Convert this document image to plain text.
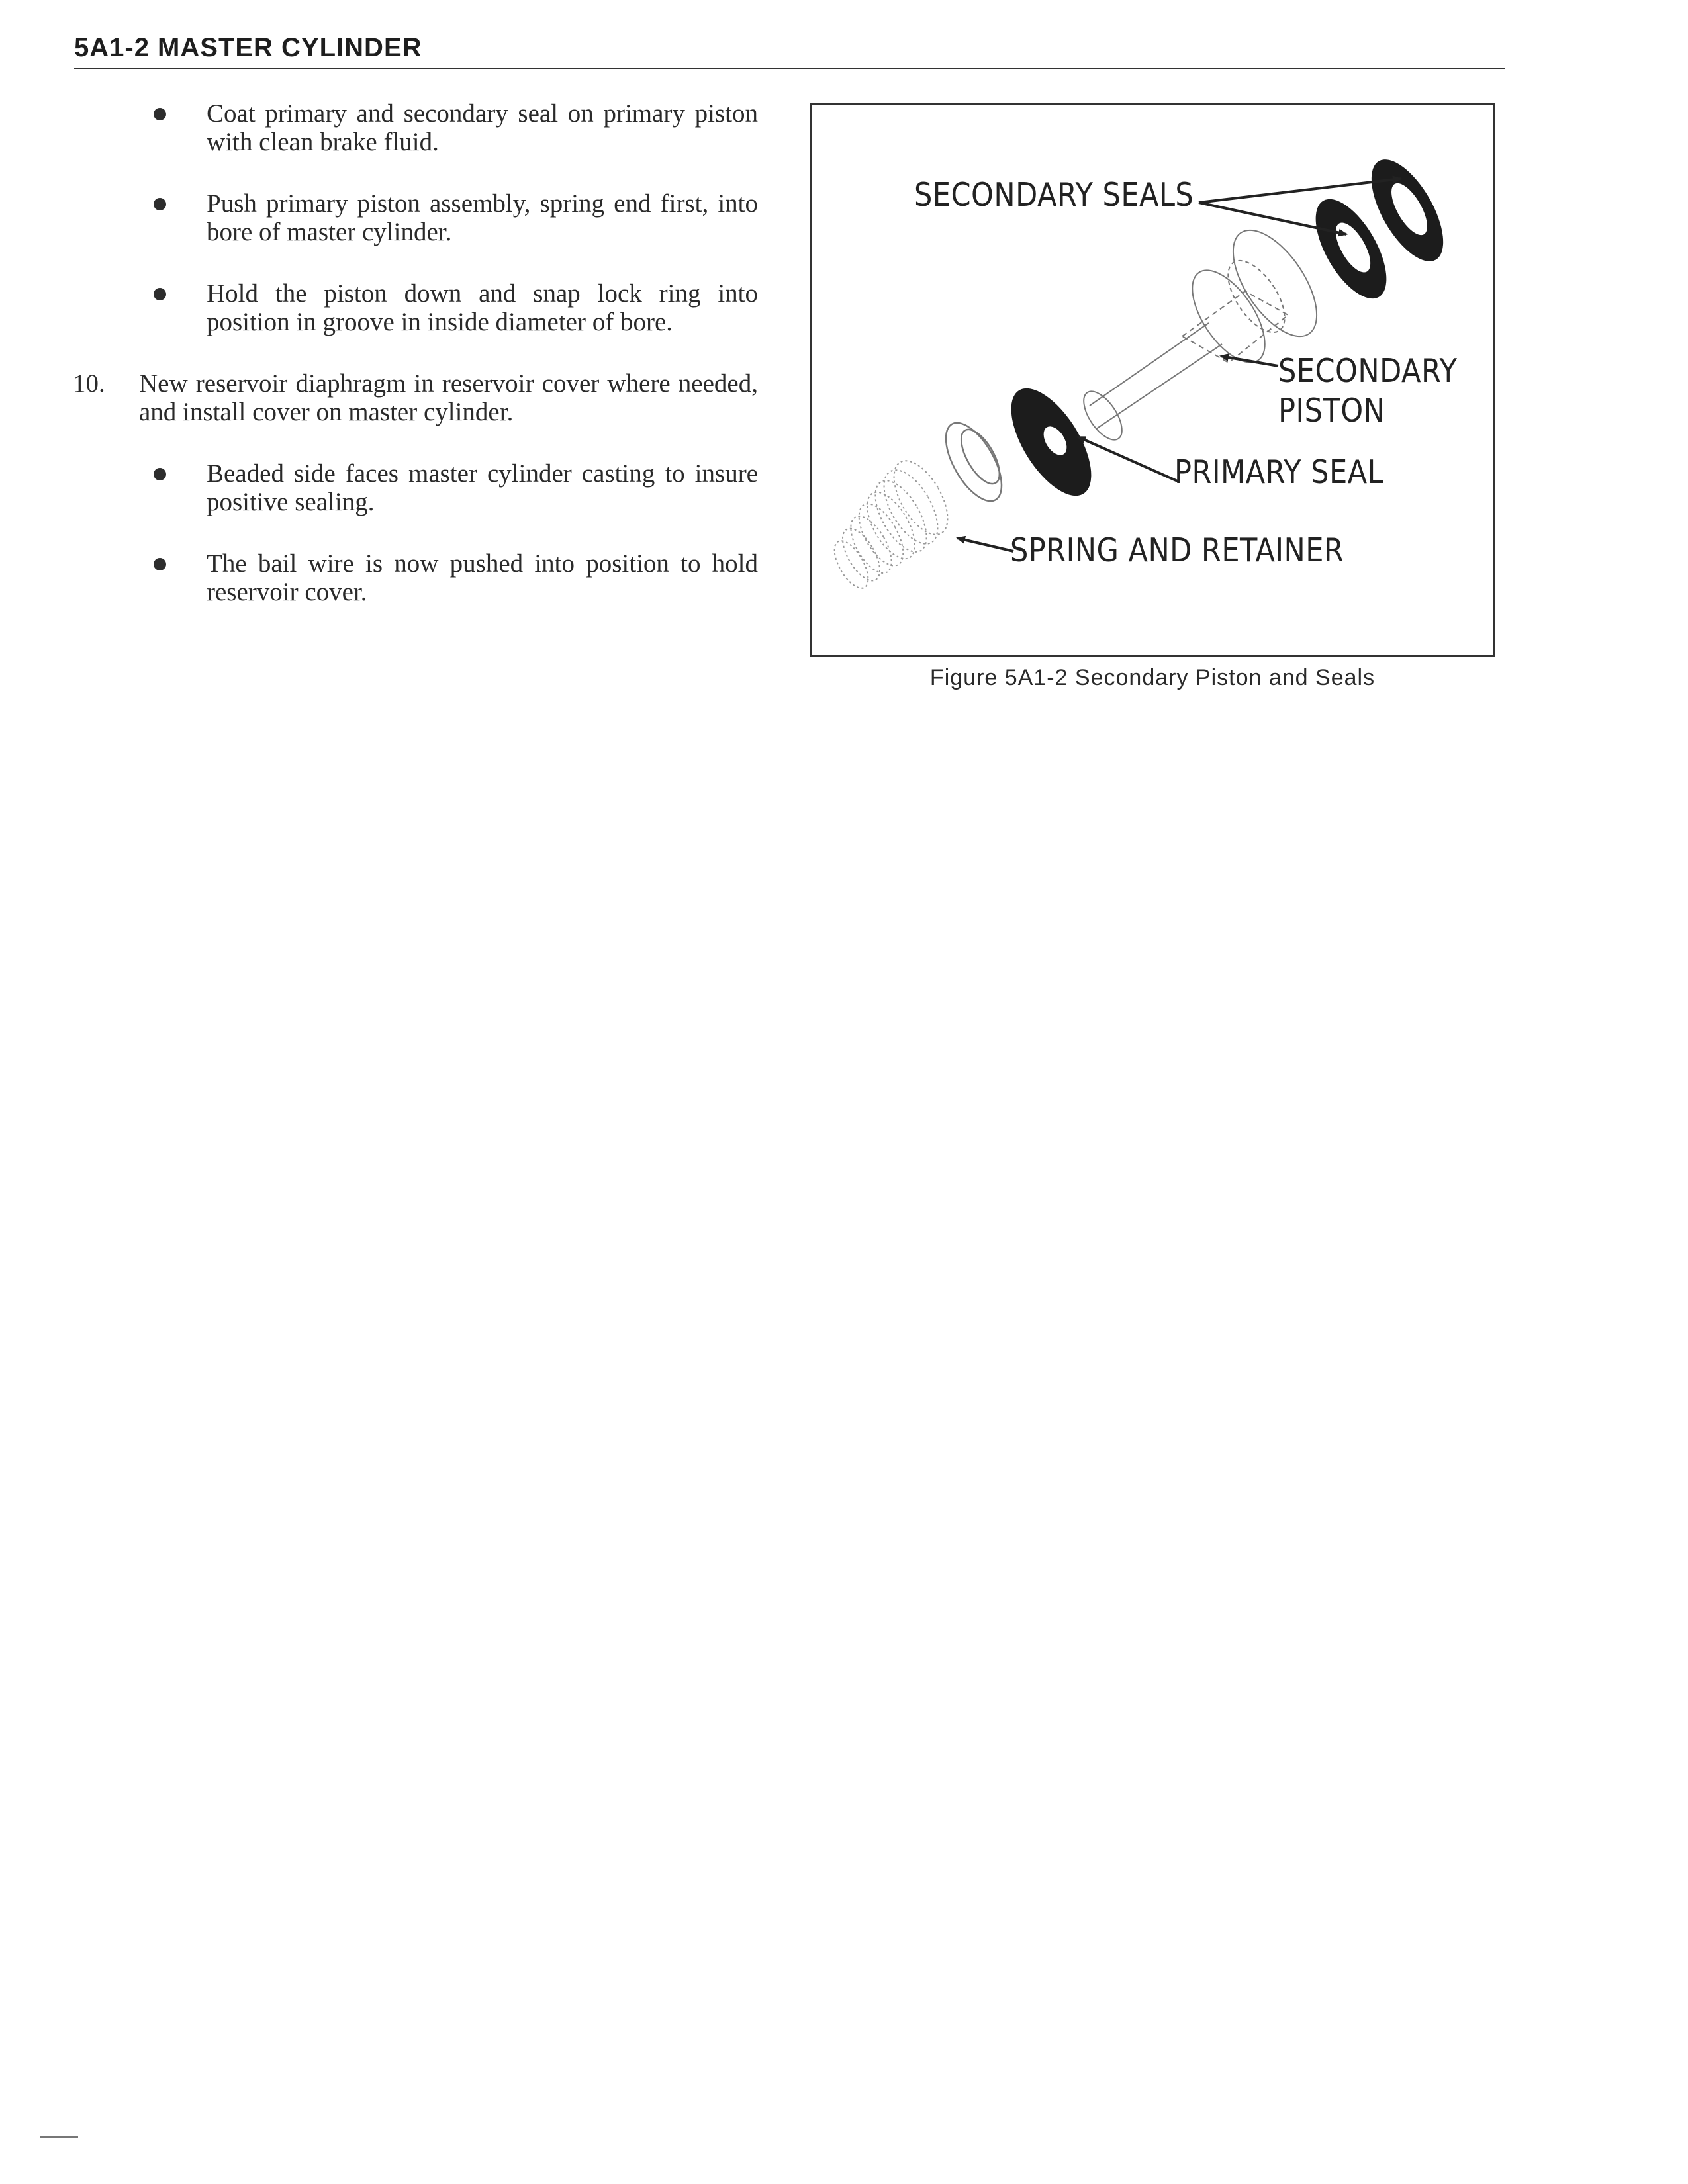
5A1-2 MASTER CYLINDER
Coat primary and secondary seal on primary piston with clean brake fluid.
Push primary piston assembly, spring end first, into bore of master cylinder.
Hold the piston down and snap lock ring into position in groove in inside diameter of bore.
10. New reservoir diaphragm in reservoir cover where needed, and install cover on master cylinder.
Beaded side faces master cylinder casting to insure positive sealing.
The bail wire is now pushed into position to hold reservoir cover.
SECONDARY SEALS
SECONDARY
PISTON
PRIMARY SEAL
SPRING AND RETAINER
Figure 5A1-2 Secondary Piston and Seals
